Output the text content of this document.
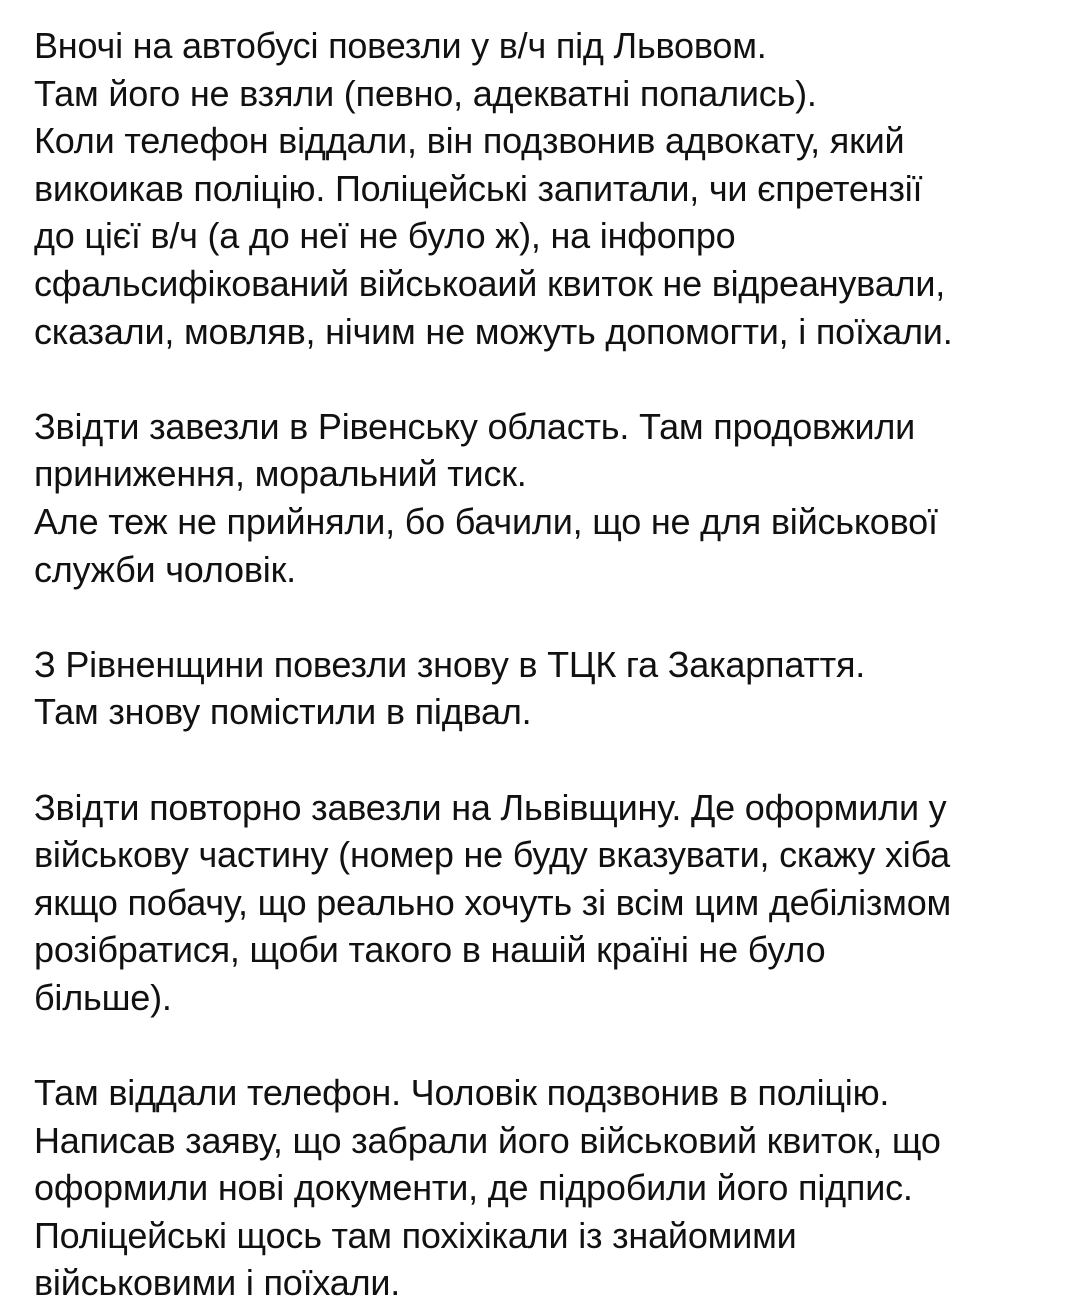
Вночі на автобусі повезли у в/ч під Львовом.
Там його не взяли (певно, адекватні попались).
Коли телефон віддали, він подзвонив адвокату, який
викоикав поліцію. Поліцейські запитали, чи єпретензії
до цієї в/ч (а до неї не було ж), на інфопро
сфальсифікований військоаий квиток не відреанували,
сказали, мовляв, нічим не можуть допомогти, і поїхали.
Звідти завезли в Рівенську область. Там продовжили
приниження, моральний тиск.
Але теж не прийняли, бо бачили, що не для військової
служби чоловік.
З Рівненщини повезли знову в ТЦК га Закарпаття.
Там знову помістили в підвал.
Звідти повторно завезли на Львівщину. Де оформили у
військову частину (номер не буду вказувати, скажу хіба
якщо побачу, що реально хочуть зі всім цим дебілізмом
розібратися, щоби такого в нашій країні не було
більше).
Там віддали телефон. Чоловік подзвонив в поліцію.
Написав заяву, що забрали його військовий квиток, що
оформили нові документи, де підробили його підпис.
Поліцейські щось там похіхікали із знайомими
військовими і поїхали.
